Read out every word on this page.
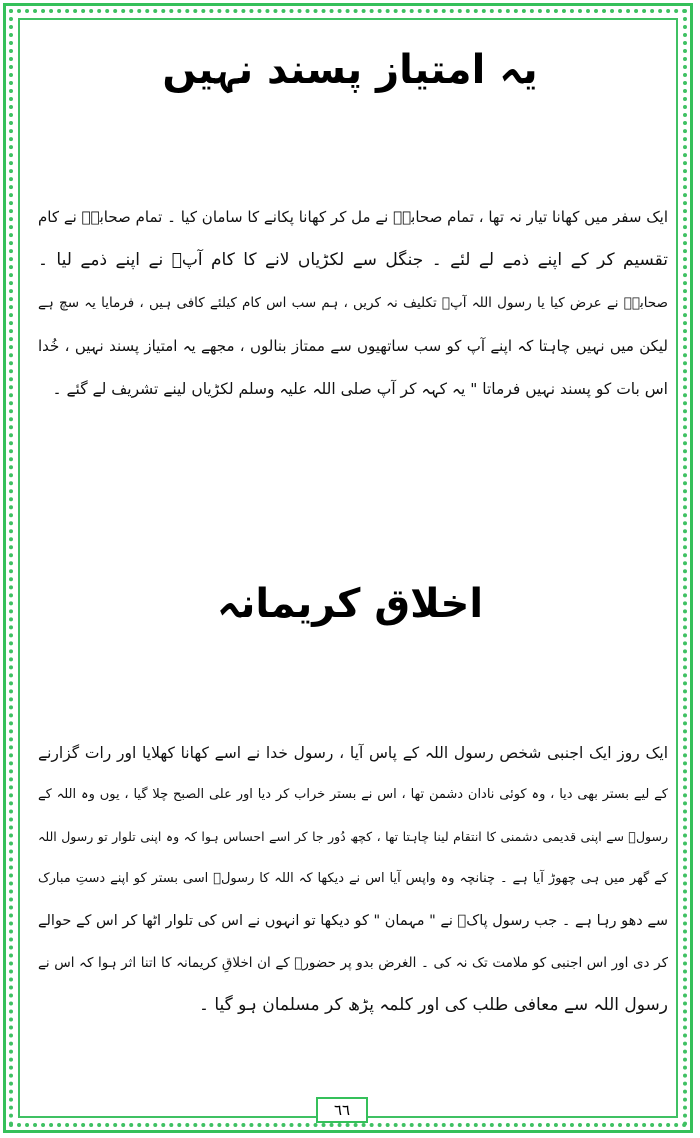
یہ امتیاز پسند نہیں
ایک سفر میں کھانا تیار نہ تھا ، تمام صحابہؓ نے مل کر کھانا پکانے کا سامان کیا ۔ تمام صحابہؓ نے کام
تقسیم کر کے اپنے ذمے لے لئے ۔ جنگل سے لکڑیاں لانے کا کام آپؐ نے اپنے ذمے لیا ۔
صحابہؓ نے عرض کیا یا رسول اللہ آپؐ تکلیف نہ کریں ، ہم سب اس کام کیلئے کافی ہیں ، فرمایا یہ سچ ہے
لیکن میں نہیں چاہتا کہ اپنے آپ کو سب ساتھیوں سے ممتاز بنالوں ، مجھے یہ امتیاز پسند نہیں ، خُدا
اس بات کو پسند نہیں فرماتا " یہ کہہ کر آپ صلی اللہ علیہ وسلم لکڑیاں لینے تشریف لے گئے ۔
اخلاق کریمانہ
ایک روز ایک اجنبی شخص رسول اللہ کے پاس آیا ، رسول خدا نے اسے کھانا کھلایا اور رات گزارنے
کے لیے بستر بھی دیا ، وہ کوئی نادان دشمن تھا ، اس نے بستر خراب کر دیا اور علی الصبح چلا گیا ، یوں وہ اللہ کے
رسولؐ سے اپنی قدیمی دشمنی کا انتقام لینا چاہتا تھا ، کچھ دُور جا کر اسے احساس ہوا کہ وہ اپنی تلوار تو رسول اللہ
کے گھر میں ہی چھوڑ آیا ہے ۔ چنانچہ وہ واپس آیا اس نے دیکھا کہ اللہ کا رسولؐ اسی بستر کو اپنے دستِ مبارک
سے دھو رہا ہے ۔ جب رسول پاکؐ نے " مہمان " کو دیکھا تو انہوں نے اس کی تلوار اٹھا کر اس کے حوالے
کر دی اور اس اجنبی کو ملامت تک نہ کی ۔ الغرض بدو پر حضورؐ کے ان اخلاقِ کریمانہ کا اتنا اثر ہوا کہ اس نے
رسول اللہ سے معافی طلب کی اور کلمہ پڑھ کر مسلمان ہو گیا ۔
٦٦
